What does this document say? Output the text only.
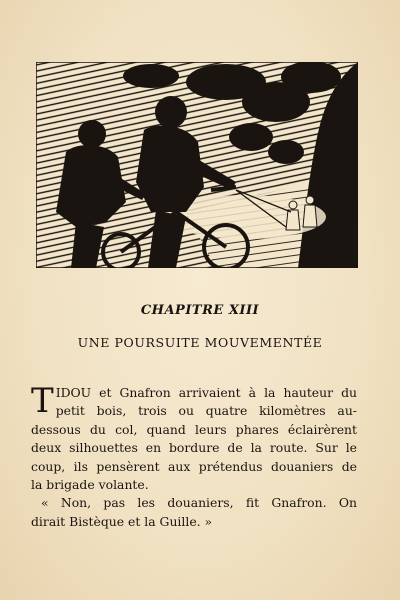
CHAPITRE XIII
UNE POURSUITE MOUVEMENTÉE
T IDOU et Gnafron arrivaient à la hauteur du
petit bois, trois ou quatre kilomètres au-
dessous du col, quand leurs phares éclairèrent
deux silhouettes en bordure de la route. Sur le
coup, ils pensèrent aux prétendus douaniers de
la brigade volante.
« Non, pas les douaniers, fit Gnafron. On
dirait Bistèque et la Guille. »
